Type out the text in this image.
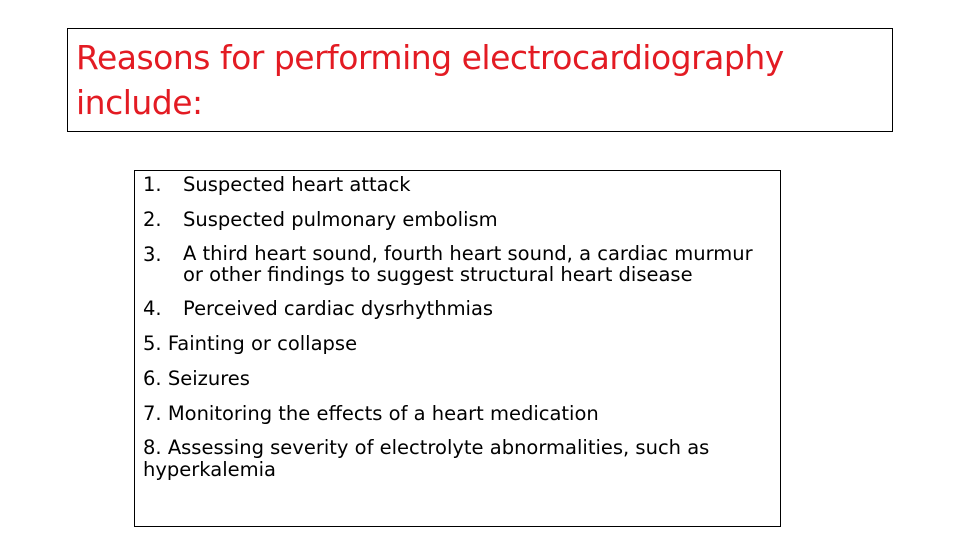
Reasons for performing electrocardiography include:
1.	Suspected heart attack
2.	Suspected pulmonary embolism
3.	A third heart sound, fourth heart sound, a cardiac murmur or other findings to suggest structural heart disease
4.	Perceived cardiac dysrhythmias
5. Fainting or collapse
6. Seizures
7. Monitoring the effects of a heart medication
8. Assessing severity of electrolyte abnormalities, such as hyperkalemia
